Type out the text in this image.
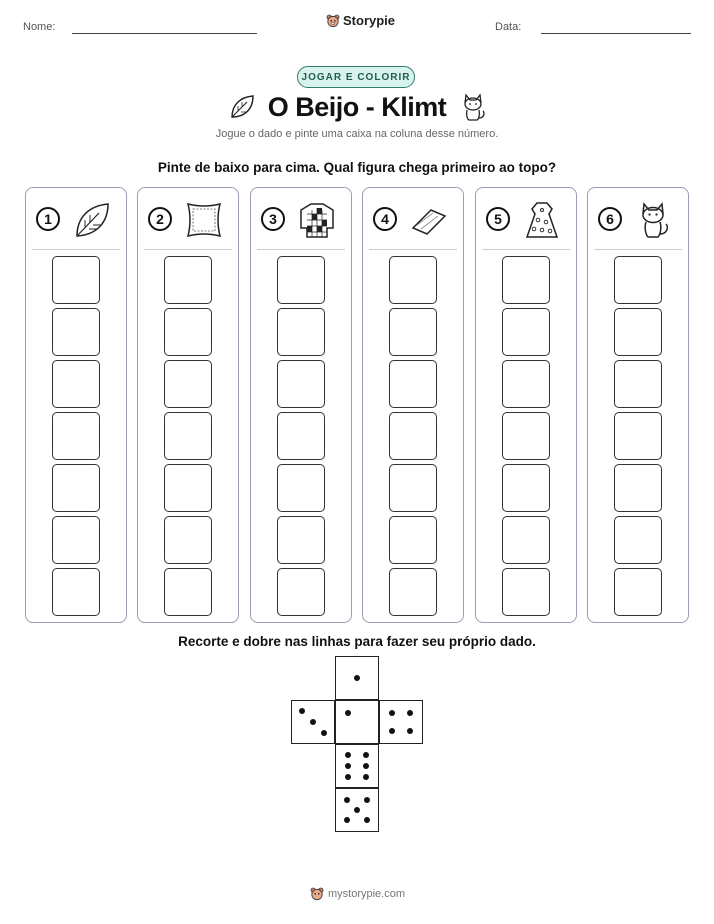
Nome:	Storypie	Data:
JOGAR E COLORIR
O Beijo - Klimt
Jogue o dado e pinte uma caixa na coluna desse número.
Pinte de baixo para cima. Qual figura chega primeiro ao topo?
1	2	3	4	5	6
Recorte e dobre nas linhas para fazer seu próprio dado.
mystorypie.com
